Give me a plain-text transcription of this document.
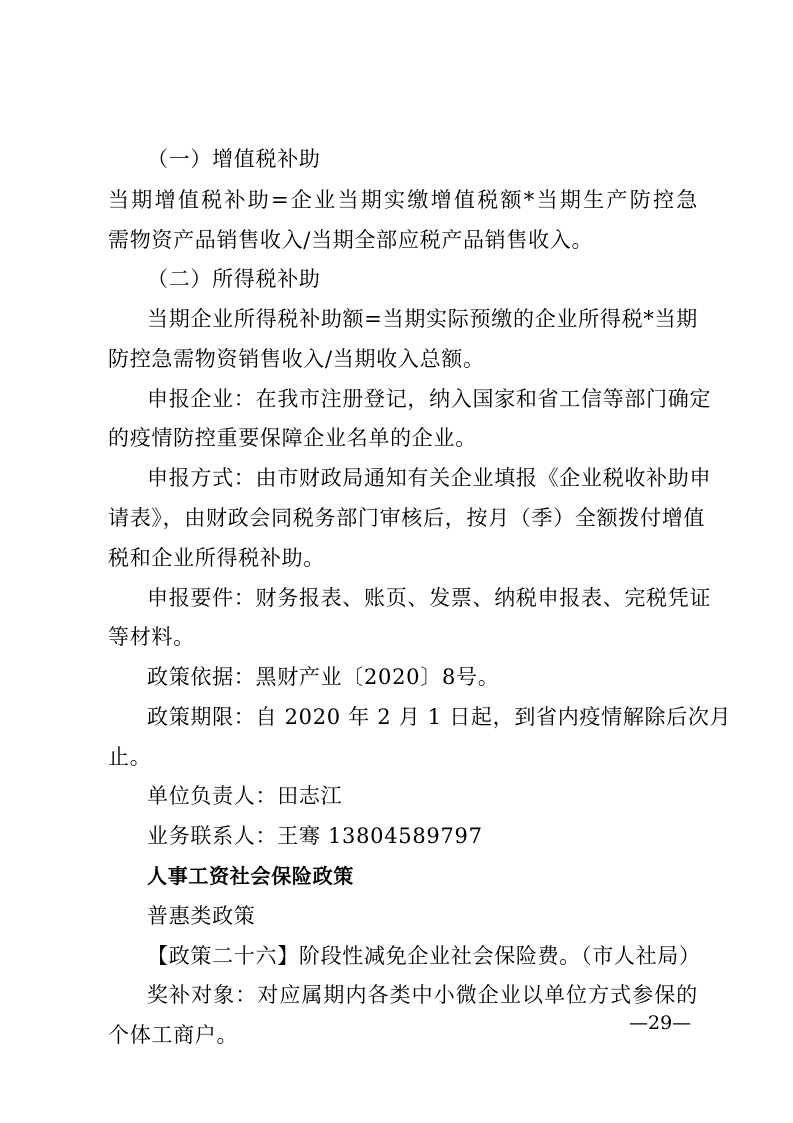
（一）增值税补助
当期增值税补助=企业当期实缴增值税额*当期生产防控急
需物资产品销售收入/当期全部应税产品销售收入。
（二）所得税补助
当期企业所得税补助额=当期实际预缴的企业所得税*当期
防控急需物资销售收入/当期收入总额。
申报企业：在我市注册登记，纳入国家和省工信等部门确定
的疫情防控重要保障企业名单的企业。
申报方式：由市财政局通知有关企业填报《企业税收补助申
请表》，由财政会同税务部门审核后，按月（季）全额拨付增值
税和企业所得税补助。
申报要件：财务报表、账页、发票、纳税申报表、完税凭证
等材料。
政策依据：黑财产业〔2020〕8号。
政策期限：自 2020 年 2 月 1 日起，到省内疫情解除后次月
止。
单位负责人：田志江
业务联系人：王骞 13804589797
人事工资社会保险政策
普惠类政策
【政策二十六】阶段性减免企业社会保险费。（市人社局）
奖补对象：对应属期内各类中小微企业以单位方式参保的
个体工商户。	—29—
